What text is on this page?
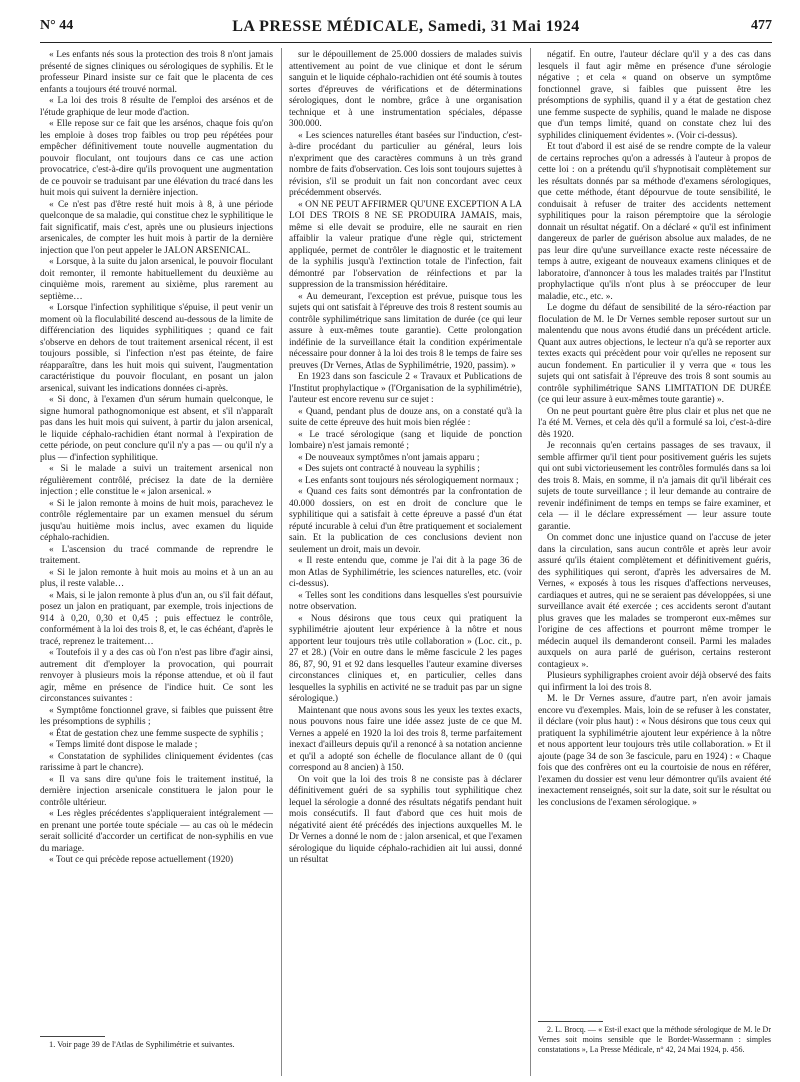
N° 44	LA PRESSE MÉDICALE, Samedi, 31 Mai 1924	477

« Les enfants nés sous la protection des trois 8 n'ont jamais présenté de signes cliniques ou sérologiques de syphilis. Et le professeur Pinard insiste sur ce fait que le placenta de ces enfants a toujours été trouvé normal.

« La loi des trois 8 résulte de l'emploi des arsénos et de l'étude graphique de leur mode d'action.

« Elle repose sur ce fait que les arsénos, chaque fois qu'on les emploie à doses trop faibles ou trop peu répétées pour empêcher définitivement toute nouvelle augmentation du pouvoir floculant, ont toujours dans ce cas une action provocatrice, c'est-à-dire qu'ils provoquent une augmentation de ce pouvoir se traduisant par une élévation du tracé dans les huit mois qui suivent la dernière injection.

« Ce n'est pas d'être resté huit mois à 8, à une période quelconque de sa maladie, qui constitue chez le syphilitique le fait significatif, mais c'est, après une ou plusieurs injections arsenicales, de compter les huit mois à partir de la dernière injection que l'on peut appeler le JALON ARSENICAL.

« Lorsque, à la suite du jalon arsenical, le pouvoir floculant doit remonter, il remonte habituellement du deuxième au cinquième mois, rarement au sixième, plus rarement au septième…

« Lorsque l'infection syphilitique s'épuise, il peut venir un moment où la floculabilité descend au-dessous de la limite de différenciation des liquides syphilitiques ; quand ce fait s'observe en dehors de tout traitement arsenical récent, il est toujours possible, si l'infection n'est pas éteinte, de faire réapparaître, dans les huit mois qui suivent, l'augmentation caractéristique du pouvoir floculant, en posant un jalon arsenical, suivant les indications données ci-après.

« Si donc, à l'examen d'un sérum humain quelconque, le signe humoral pathognomonique est absent, et s'il n'apparaît pas dans les huit mois qui suivent, à partir du jalon arsenical, le liquide céphalo-rachidien étant normal à l'expiration de cette période, on peut conclure qu'il n'y a pas — ou qu'il n'y a plus — d'infection syphilitique.

« Si le malade a suivi un traitement arsenical non régulièrement contrôlé, précisez la date de la dernière injection ; elle constitue le « jalon arsenical. »

« Si le jalon remonte à moins de huit mois, parachevez le contrôle réglementaire par un examen mensuel du sérum jusqu'au huitième mois inclus, avec examen du liquide céphalo-rachidien.

« L'ascension du tracé commande de reprendre le traitement.

« Si le jalon remonte à huit mois au moins et à un an au plus, il reste valable…

« Mais, si le jalon remonte à plus d'un an, ou s'il fait défaut, posez un jalon en pratiquant, par exemple, trois injections de 914 à 0,20, 0,30 et 0,45 ; puis effectuez le contrôle, conformément à la loi des trois 8, et, le cas échéant, d'après le tracé, reprenez le traitement…

« Toutefois il y a des cas où l'on n'est pas libre d'agir ainsi, autrement dit d'employer la provocation, qui pourrait renvoyer à plusieurs mois la réponse attendue, et où il faut agir, même en présence de l'indice huit. Ce sont les circonstances suivantes :

« Symptôme fonctionnel grave, si faibles que puissent être les présomptions de syphilis ;

« État de gestation chez une femme suspecte de syphilis ;

« Temps limité dont dispose le malade ;

« Constatation de syphilides cliniquement évidentes (cas rarissime à part le chancre).

« Il va sans dire qu'une fois le traitement institué, la dernière injection arsenicale constituera le jalon pour le contrôle ultérieur.

« Les règles précédentes s'appliqueraient intégralement — en prenant une portée toute spéciale — au cas où le médecin serait sollicité d'accorder un certificat de non-syphilis en vue du mariage.

« Tout ce qui précède repose actuellement (1920)

sur le dépouillement de 25.000 dossiers de malades suivis attentivement au point de vue clinique et dont le sérum sanguin et le liquide céphalo-rachidien ont été soumis à toutes sortes d'épreuves de vérifications et de déterminations sérologiques, dont le nombre, grâce à une organisation technique et à une instrumentation spéciales, dépasse 300.000.

« Les sciences naturelles étant basées sur l'induction, c'est-à-dire procédant du particulier au général, leurs lois n'expriment que des caractères communs à un très grand nombre de faits d'observation. Ces lois sont toujours sujettes à révision, s'il se produit un fait non concordant avec ceux précédemment observés.

« ON NE PEUT AFFIRMER QU'UNE EXCEPTION A LA LOI DES TROIS 8 NE SE PRODUIRA JAMAIS, mais, même si elle devait se produire, elle ne saurait en rien affaiblir la valeur pratique d'une règle qui, strictement appliquée, permet de contrôler le diagnostic et le traitement de la syphilis jusqu'à l'extinction totale de l'infection, fait démontré par l'observation de réinfections et par la suppression de la transmission héréditaire.

« Au demeurant, l'exception est prévue, puisque tous les sujets qui ont satisfait à l'épreuve des trois 8 restent soumis au contrôle syphilimétrique sans limitation de durée (ce qui leur assure à eux-mêmes toute garantie). Cette prolongation indéfinie de la surveillance était la condition expérimentale nécessaire pour donner à la loi des trois 8 le temps de faire ses preuves (Dr Vernes, Atlas de Syphilimétrie, 1920, passim). »

En 1923 dans son fascicule 2 « Travaux et Publications de l'Institut prophylactique » (l'Organisation de la syphilimétrie), l'auteur est encore revenu sur ce sujet :

« Quand, pendant plus de douze ans, on a constaté qu'à la suite de cette épreuve des huit mois bien réglée :

« Le tracé sérologique (sang et liquide de ponction lombaire) n'est jamais remonté ;

« De nouveaux symptômes n'ont jamais apparu ;

« Des sujets ont contracté à nouveau la syphilis ;

« Les enfants sont toujours nés sérologiquement normaux ;

« Quand ces faits sont démontrés par la confrontation de 40.000 dossiers, on est en droit de conclure que le syphilitique qui a satisfait à cette épreuve a passé d'un état réputé incurable à celui d'un être pratiquement et socialement sain. Et la publication de ces conclusions devient non seulement un droit, mais un devoir.

« Il reste entendu que, comme je l'ai dit à la page 36 de mon Atlas de Syphilimétrie, les sciences naturelles, etc. (voir ci-dessus).

« Telles sont les conditions dans lesquelles s'est poursuivie notre observation.

« Nous désirons que tous ceux qui pratiquent la syphilimétrie ajoutent leur expérience à la nôtre et nous apportent leur toujours très utile collaboration » (Loc. cit., p. 27 et 28.) (Voir en outre dans le même fascicule 2 les pages 86, 87, 90, 91 et 92 dans lesquelles l'auteur examine diverses circonstances cliniques et, en particulier, celles dans lesquelles la syphilis en activité ne se traduit pas par un signe sérologique.)

Maintenant que nous avons sous les yeux les textes exacts, nous pouvons nous faire une idée assez juste de ce que M. Vernes a appelé en 1920 la loi des trois 8, terme parfaitement inexact d'ailleurs depuis qu'il a renoncé à sa notation ancienne et qu'il a adopté son échelle de floculance allant de 0 (qui correspond au 8 ancien) à 150.

On voit que la loi des trois 8 ne consiste pas à déclarer définitivement guéri de sa syphilis tout syphilitique chez lequel la sérologie a donné des résultats négatifs pendant huit mois consécutifs. Il faut d'abord que ces huit mois de négativité aient été précédés des injections auxquelles M. le Dr Vernes a donné le nom de : jalon arsenical, et que l'examen sérologique du liquide céphalo-rachidien ait lui aussi, donné un résultat

négatif. En outre, l'auteur déclare qu'il y a des cas dans lesquels il faut agir même en présence d'une sérologie négative ; et cela « quand on observe un symptôme fonctionnel grave, si faibles que puissent être les présomptions de syphilis, quand il y a état de gestation chez une femme suspecte de syphilis, quand le malade ne dispose que d'un temps limité, quand on constate chez lui des syphilides cliniquement évidentes ». (Voir ci-dessus).

Et tout d'abord il est aisé de se rendre compte de la valeur de certains reproches qu'on a adressés à l'auteur à propos de cette loi : on a prétendu qu'il s'hypnotisait complètement sur les résultats donnés par sa méthode d'examens sérologiques, que cette méthode, étant dépourvue de toute sensibilité, le conduisait à refuser de traiter des accidents nettement syphilitiques pour la raison péremptoire que la sérologie donnait un résultat négatif. On a déclaré « qu'il est infiniment dangereux de parler de guérison absolue aux malades, de ne pas leur dire qu'une surveillance exacte reste nécessaire de temps à autre, exigeant de nouveaux examens cliniques et de laboratoire, d'annoncer à tous les malades traités par l'Institut prophylactique qu'ils n'ont plus à se préoccuper de leur maladie, etc., etc. ».

Le dogme du défaut de sensibilité de la séro-réaction par floculation de M. le Dr Vernes semble reposer surtout sur un malentendu que nous avons étudié dans un précédent article. Quant aux autres objections, le lecteur n'a qu'à se reporter aux textes exacts qui précèdent pour voir qu'elles ne reposent sur aucun fondement. En particulier il y verra que « tous les sujets qui ont satisfait à l'épreuve des trois 8 sont soumis au contrôle syphilimétrique SANS LIMITATION DE DURÉE (ce qui leur assure à eux-mêmes toute garantie) ».

On ne peut pourtant guère être plus clair et plus net que ne l'a été M. Vernes, et cela dès qu'il a formulé sa loi, c'est-à-dire dès 1920.

Je reconnais qu'en certains passages de ses travaux, il semble affirmer qu'il tient pour positivement guéris les sujets qui ont subi victorieusement les contrôles formulés dans sa loi des trois 8. Mais, en somme, il n'a jamais dit qu'il libérait ces sujets de toute surveillance ; il leur demande au contraire de revenir indéfiniment de temps en temps se faire examiner, et cela — il le déclare expressément — leur assure toute garantie.

On commet donc une injustice quand on l'accuse de jeter dans la circulation, sans aucun contrôle et après leur avoir assuré qu'ils étaient complètement et définitivement guéris, des syphilitiques qui seront, d'après les adversaires de M. Vernes, « exposés à tous les risques d'affections nerveuses, cardiaques et autres, qui ne se seraient pas développées, si une surveillance avait été exercée ; ces accidents seront d'autant plus graves que les malades se tromperont eux-mêmes sur l'origine de ces affections et pourront même tromper le médecin auquel ils demanderont conseil. Parmi les malades auxquels on aura parlé de guérison, certains resteront contagieux ».

Plusieurs syphiligraphes croient avoir déjà observé des faits qui infirment la loi des trois 8.

M. le Dr Vernes assure, d'autre part, n'en avoir jamais encore vu d'exemples. Mais, loin de se refuser à les constater, il déclare (voir plus haut) : « Nous désirons que tous ceux qui pratiquent la syphilimétrie ajoutent leur expérience à la nôtre et nous apportent leur toujours très utile collaboration. » Et il ajoute (page 34 de son 3e fascicule, paru en 1924) : « Chaque fois que des confrères ont eu la courtoisie de nous en référer, l'examen du dossier est venu leur démontrer qu'ils avaient été inexactement renseignés, soit sur la date, soit sur le résultat ou les conclusions de l'examen sérologique. »

1. Voir page 39 de l'Atlas de Syphilimétrie et suivantes.
2. L. Brocq. — « Est-il exact que la méthode sérologique de M. le Dr Vernes soit moins sensible que le Bordet-Wassermann : simples constatations », La Presse Médicale, n° 42, 24 Mai 1924, p. 456.
